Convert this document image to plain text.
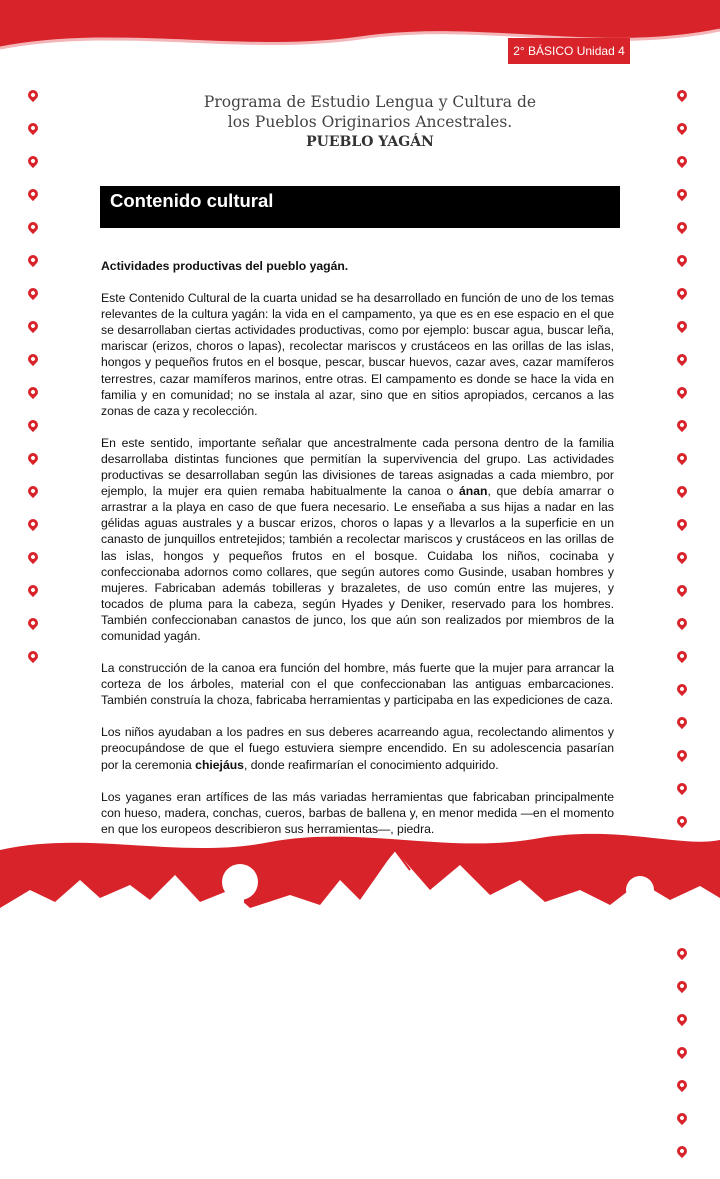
2° BÁSICO Unidad 4
Programa de Estudio Lengua y Cultura de
los Pueblos Originarios Ancestrales.
PUEBLO YAGÁN
Contenido cultural
Actividades productivas del pueblo yagán.

Este Contenido Cultural de la cuarta unidad se ha desarrollado en función de uno de los temas relevantes de la cultura yagán: la vida en el campamento, ya que es en ese espacio en el que se desarrollaban ciertas actividades productivas, como por ejemplo: buscar agua, buscar leña, mariscar (erizos, choros o lapas), recolectar mariscos y crustáceos en las orillas de las islas, hongos y pequeños frutos en el bosque, pescar, buscar huevos, cazar aves, cazar mamíferos terrestres, cazar mamíferos marinos, entre otras. El campamento es donde se hace la vida en familia y en comunidad; no se instala al azar, sino que en sitios apropiados, cercanos a las zonas de caza y recolección.

En este sentido, importante señalar que ancestralmente cada persona dentro de la familia desarrollaba distintas funciones que permitían la supervivencia del grupo. Las actividades productivas se desarrollaban según las divisiones de tareas asignadas a cada miembro, por ejemplo, la mujer era quien remaba habitualmente la canoa o ánan, que debía amarrar o arrastrar a la playa en caso de que fuera necesario. Le enseñaba a sus hijas a nadar en las gélidas aguas australes y a buscar erizos, choros o lapas y a llevarlos a la superficie en un canasto de junquillos entretejidos; también a recolectar mariscos y crustáceos en las orillas de las islas, hongos y pequeños frutos en el bosque. Cuidaba los niños, cocinaba y confeccionaba adornos como collares, que según autores como Gusinde, usaban hombres y mujeres. Fabricaban además tobilleras y brazaletes, de uso común entre las mujeres, y tocados de pluma para la cabeza, según Hyades y Deniker, reservado para los hombres. También confeccionaban canastos de junco, los que aún son realizados por miembros de la comunidad yagán.

La construcción de la canoa era función del hombre, más fuerte que la mujer para arrancar la corteza de los árboles, material con el que confeccionaban las antiguas embarcaciones. También construía la choza, fabricaba herramientas y participaba en las expediciones de caza.

Los niños ayudaban a los padres en sus deberes acarreando agua, recolectando alimentos y preocupándose de que el fuego estuviera siempre encendido. En su adolescencia pasarían por la ceremonia chiejáus, donde reafirmarían el conocimiento adquirido.

Los yaganes eran artífices de las más variadas herramientas que fabricaban principalmente con hueso, madera, conchas, cueros, barbas de ballena y, en menor medida —en el momento en que los europeos describieron sus herramientas—, piedra.
